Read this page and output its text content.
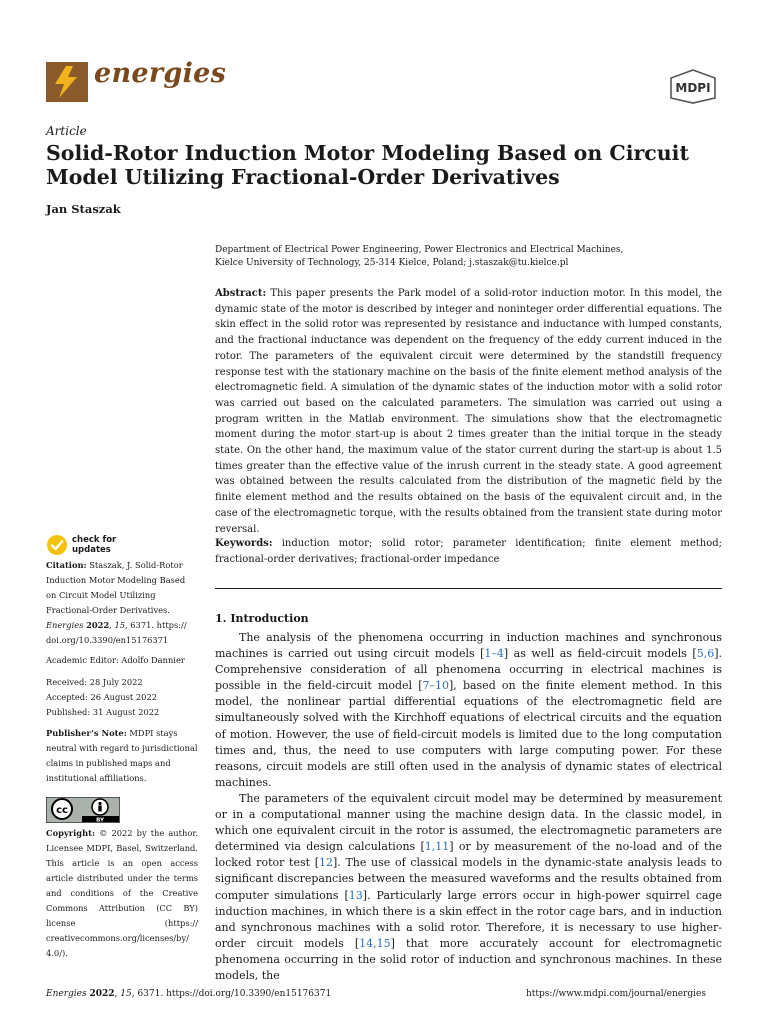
energies	MDPI
Article
Solid-Rotor Induction Motor Modeling Based on Circuit Model Utilizing Fractional-Order Derivatives
Jan Staszak
Department of Electrical Power Engineering, Power Electronics and Electrical Machines,
Kielce University of Technology, 25-314 Kielce, Poland; j.staszak@tu.kielce.pl

Abstract: This paper presents the Park model of a solid-rotor induction motor. In this model, the dynamic state of the motor is described by integer and noninteger order differential equations. The skin effect in the solid rotor was represented by resistance and inductance with lumped constants, and the fractional inductance was dependent on the frequency of the eddy current induced in the rotor. The parameters of the equivalent circuit were determined by the standstill frequency response test with the stationary machine on the basis of the finite element method analysis of the electromagnetic field. A simulation of the dynamic states of the induction motor with a solid rotor was carried out based on the calculated parameters. The simulation was carried out using a program written in the Matlab environment. The simulations show that the electromagnetic moment during the motor start-up is about 2 times greater than the initial torque in the steady state. On the other hand, the maximum value of the stator current during the start-up is about 1.5 times greater than the effective value of the inrush current in the steady state. A good agreement was obtained between the results calculated from the distribution of the magnetic field by the finite element method and the results obtained on the basis of the equivalent circuit and, in the case of the electromagnetic torque, with the results obtained from the transient state during motor reversal.

Keywords: induction motor; solid rotor; parameter identification; finite element method; fractional-order derivatives; fractional-order impedance

check for
updates
Citation: Staszak, J. Solid-Rotor Induction Motor Modeling Based on Circuit Model Utilizing Fractional-Order Derivatives. Energies 2022, 15, 6371. https:// doi.org/10.3390/en15176371
Academic Editor: Adolfo Dannier
Received: 28 July 2022
Accepted: 26 August 2022
Published: 31 August 2022
Publisher’s Note: MDPI stays neutral with regard to jurisdictional claims in published maps and institutional affiliations.
cc
BY
Copyright: © 2022 by the author. Licensee MDPI, Basel, Switzerland. This article is an open access article distributed under the terms and conditions of the Creative Commons Attribution (CC BY) license (https:// creativecommons.org/licenses/by/ 4.0/).
1. Introduction

The analysis of the phenomena occurring in induction machines and synchronous machines is carried out using circuit models [1–4] as well as field-circuit models [5,6]. Comprehensive consideration of all phenomena occurring in electrical machines is possible in the field-circuit model [7–10], based on the finite element method. In this model, the nonlinear partial differential equations of the electromagnetic field are simultaneously solved with the Kirchhoff equations of electrical circuits and the equation of motion. However, the use of field-circuit models is limited due to the long computation times and, thus, the need to use computers with large computing power. For these reasons, circuit models are still often used in the analysis of dynamic states of electrical machines.

The parameters of the equivalent circuit model may be determined by measurement or in a computational manner using the machine design data. In the classic model, in which one equivalent circuit in the rotor is assumed, the electromagnetic parameters are determined via design calculations [1,11] or by measurement of the no-load and of the locked rotor test [12]. The use of classical models in the dynamic-state analysis leads to significant discrepancies between the measured waveforms and the results obtained from computer simulations [13]. Particularly large errors occur in high-power squirrel cage induction machines, in which there is a skin effect in the rotor cage bars, and in induction and synchronous machines with a solid rotor. Therefore, it is necessary to use higher-order circuit models [14,15] that more accurately account for electromagnetic phenomena occurring in the solid rotor of induction and synchronous machines. In these models, the

Energies 2022, 15, 6371. https://doi.org/10.3390/en15176371	https://www.mdpi.com/journal/energies
